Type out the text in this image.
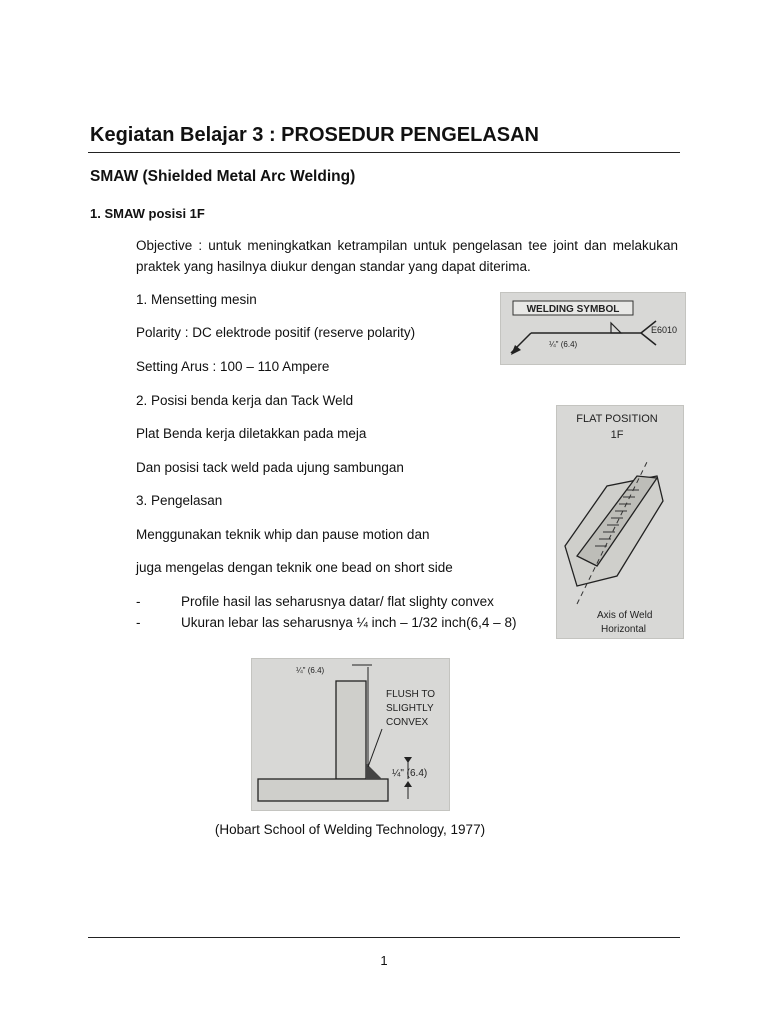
Kegiatan Belajar 3 : PROSEDUR PENGELASAN
SMAW (Shielded Metal Arc Welding)
1. SMAW posisi 1F
Objective : untuk meningkatkan ketrampilan untuk pengelasan tee joint dan melakukan praktek yang hasilnya diukur dengan standar yang dapat diterima.
1. Mensetting mesin
Polarity : DC elektrode positif (reserve polarity)
Setting Arus : 100 – 110 Ampere
2. Posisi benda kerja dan Tack Weld
Plat Benda kerja diletakkan pada meja
Dan posisi tack weld pada ujung sambungan
3. Pengelasan
Menggunakan teknik whip dan pause motion dan
juga mengelas dengan teknik one bead on short side
-	Profile hasil las seharusnya datar/ flat slighty convex
-	Ukuran lebar las seharusnya ¼ inch – 1/32 inch(6,4 – 8)
WELDING SYMBOL
¼" (6.4)
E6010
FLAT POSITION
1F
Axis of Weld
Horizontal
¼" (6.4)
FLUSH TO
SLIGHTLY
CONVEX
¼" (6.4)
(Hobart School of Welding Technology, 1977)
1
